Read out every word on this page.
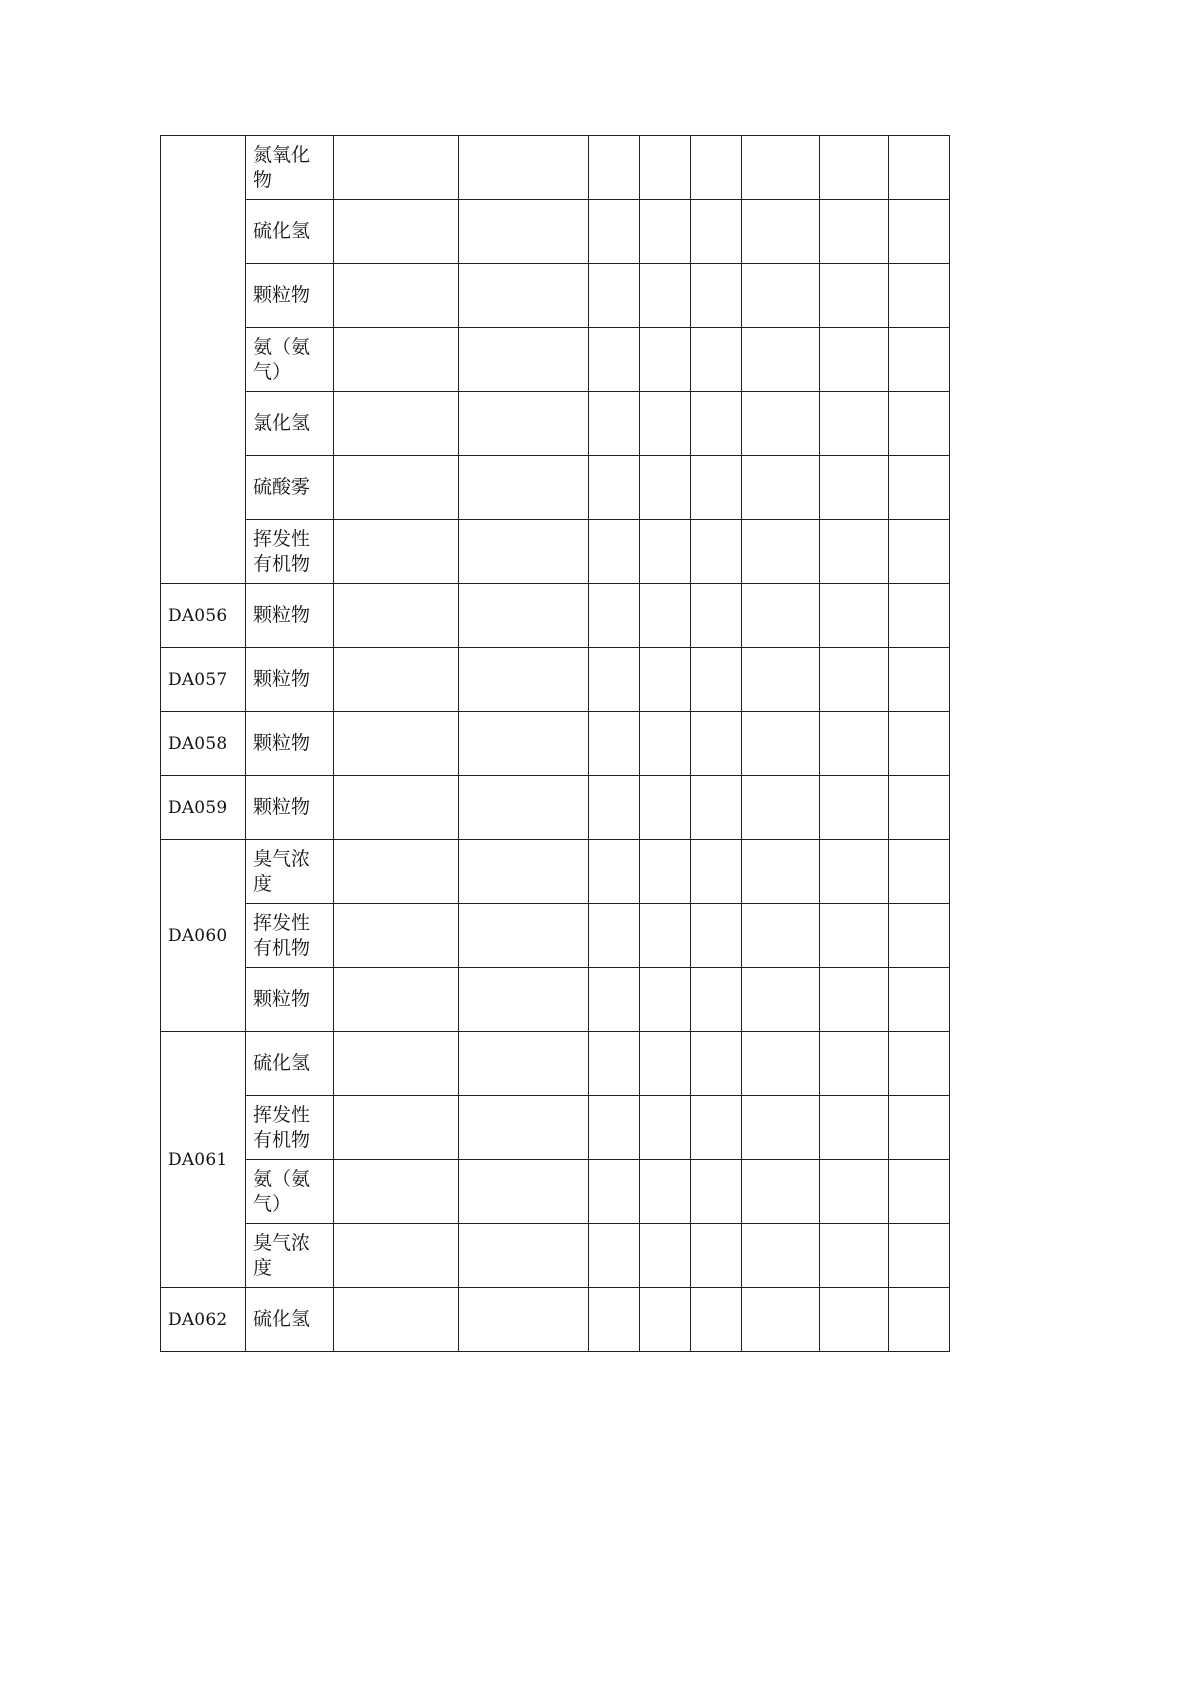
	氮氧化物								

	硫化氢								

	颗粒物								

	氨（氨气）								

	氯化氢								

	硫酸雾								

	挥发性有机物								

DA056	颗粒物								

DA057	颗粒物								

DA058	颗粒物								

DA059	颗粒物								

DA060	臭气浓度								

	挥发性有机物								

	颗粒物								

DA061	硫化氢								

	挥发性有机物								

	氨（氨气）								

	臭气浓度								

DA062	硫化氢								
